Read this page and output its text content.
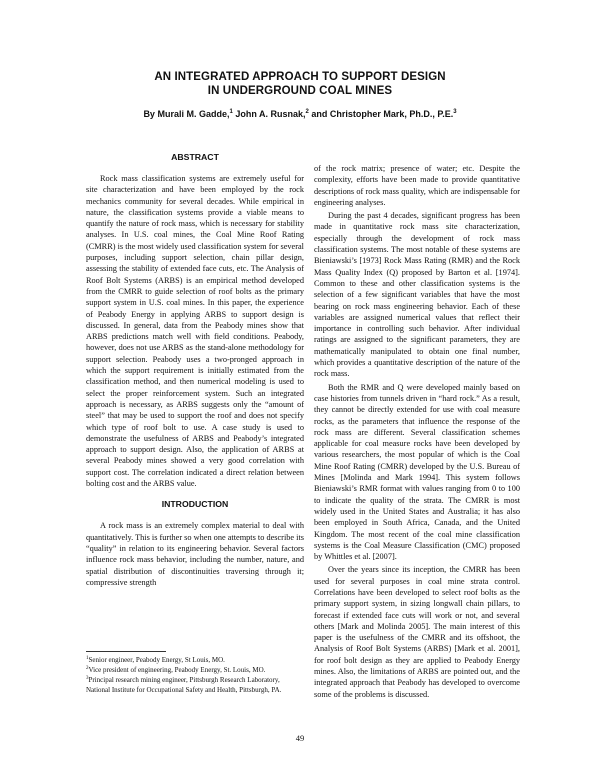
AN INTEGRATED APPROACH TO SUPPORT DESIGN
IN UNDERGROUND COAL MINES
By Murali M. Gadde,$^1$ John A. Rusnak,$^2$ and Christopher Mark, Ph.D., P.E.$^3$
ABSTRACT

Rock mass classification systems are extremely useful for site characterization and have been employed by the rock mechanics community for several decades. While empirical in nature, the classification systems provide a viable means to quantify the nature of rock mass, which is necessary for stability analyses. In U.S. coal mines, the Coal Mine Roof Rating (CMRR) is the most widely used classification system for several purposes, including support selection, chain pillar design, assessing the stability of extended face cuts, etc. The Analysis of Roof Bolt Systems (ARBS) is an empirical method developed from the CMRR to guide selection of roof bolts as the primary support system in U.S. coal mines. In this paper, the experience of Peabody Energy in applying ARBS to support design is discussed. In general, data from the Peabody mines show that ARBS predictions match well with field conditions. Peabody, however, does not use ARBS as the stand-alone methodology for support selection. Peabody uses a two-pronged approach in which the support requirement is initially estimated from the classification method, and then numerical modeling is used to select the proper reinforcement system. Such an integrated approach is necessary, as ARBS suggests only the “amount of steel” that may be used to support the roof and does not specify which type of roof bolt to use. A case study is used to demonstrate the usefulness of ARBS and Peabody’s integrated approach to support design. Also, the application of ARBS at several Peabody mines showed a very good correlation with support cost. The correlation indicated a direct relation between bolting cost and the ARBS value.

INTRODUCTION

A rock mass is an extremely complex material to deal with quantitatively. This is further so when one attempts to describe its “quality” in relation to its engineering behavior. Several factors influence rock mass behavior, including the number, nature, and spatial distribution of discontinuities traversing through it; compressive strength

of the rock matrix; presence of water; etc. Despite the complexity, efforts have been made to provide quantitative descriptions of rock mass quality, which are indispensable for engineering analyses.

During the past 4 decades, significant progress has been made in quantitative rock mass site characterization, especially through the development of rock mass classification systems. The most notable of these systems are Bieniawski’s [1973] Rock Mass Rating (RMR) and the Rock Mass Quality Index (Q) proposed by Barton et al. [1974]. Common to these and other classification systems is the selection of a few significant variables that have the most bearing on rock mass engineering behavior. Each of these variables are assigned numerical values that reflect their importance in controlling such behavior. After individual ratings are assigned to the significant parameters, they are mathematically manipulated to obtain one final number, which provides a quantitative description of the nature of the rock mass.

Both the RMR and Q were developed mainly based on case histories from tunnels driven in “hard rock.” As a result, they cannot be directly extended for use with coal measure rocks, as the parameters that influence the response of the rock mass are different. Several classification schemes applicable for coal measure rocks have been developed by various researchers, the most popular of which is the Coal Mine Roof Rating (CMRR) developed by the U.S. Bureau of Mines [Molinda and Mark 1994]. This system follows Bieniawski’s RMR format with values ranging from 0 to 100 to indicate the quality of the strata. The CMRR is most widely used in the United States and Australia; it has also been employed in South Africa, Canada, and the United Kingdom. The most recent of the coal mine classification systems is the Coal Measure Classification (CMC) proposed by Whittles et al. [2007].

Over the years since its inception, the CMRR has been used for several purposes in coal mine strata control. Correlations have been developed to select roof bolts as the primary support system, in sizing longwall chain pillars, to forecast if extended face cuts will work or not, and several others [Mark and Molinda 2005]. The main interest of this paper is the usefulness of the CMRR and its offshoot, the Analysis of Roof Bolt Systems (ARBS) [Mark et al. 2001], for roof bolt design as they are applied to Peabody Energy mines. Also, the limitations of ARBS are pointed out, and the integrated approach that Peabody has developed to overcome some of the problems is discussed.

$^1$Senior engineer, Peabody Energy, St Louis, MO.

$^2$Vice president of engineering, Peabody Energy, St. Louis, MO.

$^3$Principal research mining engineer, Pittsburgh Research Laboratory, National Institute for Occupational Safety and Health, Pittsburgh, PA.

49
